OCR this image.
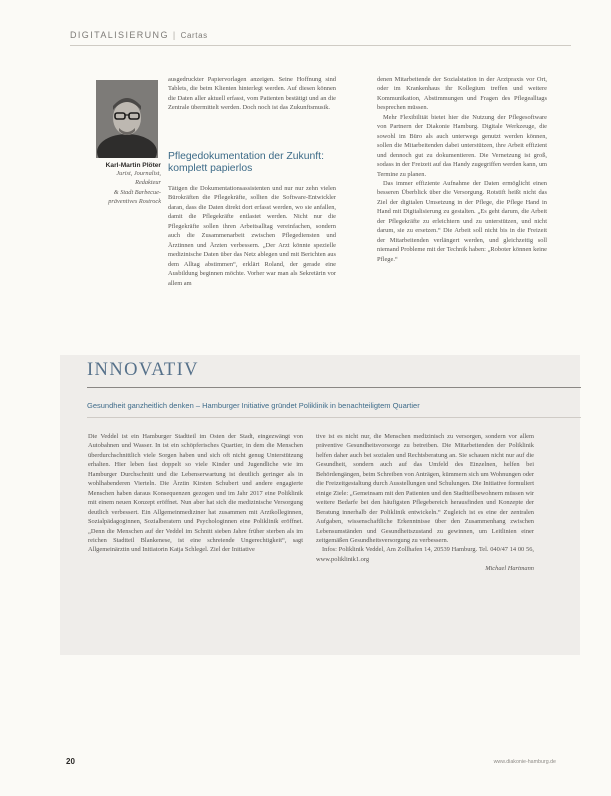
DIGITALISIERUNG | Cartas
Karl-Martin Plöter
Jurist, Journalist,
Redakteur
& Stadt Barbecue-
präventives Rostrock

ausgedruckter Papiervorlagen anzeigen. Seine Hoffnung sind Tablets, die beim Klienten hinterlegt werden. Auf diesen können die Daten aller aktuell erfasst, vom Patienten bestätigt und an die Zentrale übermittelt werden. Doch noch ist das Zukunftsmusik.

Pflegedokumentation der Zukunft: komplett papierlos

Tätigen die Dokumentationsassistenten und nur nur zehn vielen Bürokräften die Pflegekräfte, sollten die Software-Entwickler daran, dass die Daten direkt dort erfasst werden, wo sie anfallen, damit die Pflegekräfte entlastet werden. Nicht nur die Pflegekräfte sollen ihren Arbeitsalltag vereinfachen, sondern auch die Zusammenarbeit zwischen Pflegediensten und Ärztinnen und Ärzten verbessern. „Der Arzt könnte spezielle medizinische Daten über das Netz ablegen und mit Berichten aus dem Alltag abstimmen“, erklärt Roland, der gerade eine Ausbildung beginnen möchte. Vorher war man als Sekretärin vor allem am

denen Mitarbeitende der Sozialstation in der Arztpraxis vor Ort, oder im Krankenhaus ihr Kollegium treffen und weitere Kommunikation, Abstimmungen und Fragen des Pflegealltags besprechen müssen.

Mehr Flexibilität bietet hier die Nutzung der Pflegesoftware von Partnern der Diakonie Hamburg. Digitale Werkzeuge, die sowohl im Büro als auch unterwegs genutzt werden können, sollen die Mitarbeitenden dabei unterstützen, ihre Arbeit effizient und dennoch gut zu dokumentieren. Die Vernetzung ist groß, sodass in der Freizeit auf das Handy zugegriffen werden kann, um Termine zu planen.

Das immer effiziente Aufnahme der Daten ermöglicht einen besseren Überblick über die Versorgung. Rotstift heißt nicht das Ziel der digitalen Umsetzung in der Pflege, die Pflege Hand in Hand mit Digitalisierung zu gestalten. „Es geht darum, die Arbeit der Pflegekräfte zu erleichtern und zu unterstützen, und nicht darum, sie zu ersetzen.“ Die Arbeit soll nicht bis in die Freizeit der Mitarbeitenden verlängert werden, und gleichzeitig soll niemand Probleme mit der Technik haben: „Roboter können keine Pflege.“

INNOVATIV
Gesundheit ganzheitlich denken – Hamburger Initiative gründet Poliklinik in benachteiligtem Quartier

Die Veddel ist ein Hamburger Stadtteil im Osten der Stadt, eingezwängt von Autobahnen und Wasser. In ist ein schöpferisches Quartier, in dem die Menschen überdurchschnittlich viele Sorgen haben und sich oft nicht genug Unterstützung erhalten. Hier leben fast doppelt so viele Kinder und Jugendliche wie im Hamburger Durchschnitt und die Lebenserwartung ist deutlich geringer als in wohlhabenderen Vierteln. Die Ärztin Kirsten Schubert und andere engagierte Menschen haben daraus Konsequenzen gezogen und im Jahr 2017 eine Poliklinik mit einem neuen Konzept eröffnet. Nun aber hat sich die medizinische Versorgung deutlich verbessert. Ein Allgemeinmediziner hat zusammen mit Arztkolleginnen, Sozialpädagoginnen, Sozialberatern und Psychologinnen eine Poliklinik eröffnet. „Denn die Menschen auf der Veddel im Schnitt sieben Jahre früher sterben als im reichen Stadtteil Blankenese, ist eine schreiende Ungerechtigkeit“, sagt Allgemeinärztin und Initiatorin Katja Schlegel. Ziel der Initiative

tive ist es nicht nur, die Menschen medizinisch zu versorgen, sondern vor allem präventive Gesundheitsvorsorge zu betreiben. Die Mitarbeitenden der Poliklinik helfen daher auch bei sozialen und Rechtsberatung an. Sie schauen nicht nur auf die Gesundheit, sondern auch auf das Umfeld des Einzelnen, helfen bei Behördengängen, beim Schreiben von Anträgen, kümmern sich um Wohnungen oder die Freizeitgestaltung durch Ausstellungen und Schulungen. Die Initiative formuliert einige Ziele: „Gemeinsam mit den Patienten und den Stadtteilbewohnern müssen wir weitere Bedarfe bei den häufigsten Pflegebereich herausfinden und Konzepte der Beratung innerhalb der Poliklinik entwickeln.“ Zugleich ist es eine der zentralen Aufgaben, wissenschaftliche Erkenntnisse über den Zusammenhang zwischen Lebensumständen und Gesundheitszustand zu gewinnen, um Leitlinien einer zeitgemäßen Gesundheitsversorgung zu verbessern.

Infos: Poliklinik Veddel, Am Zollhafen 14, 20539 Hamburg. Tel. 040/47 14 00 56, www.poliklinik1.org

Michael Hartmann

20	www.diakonie-hamburg.de
